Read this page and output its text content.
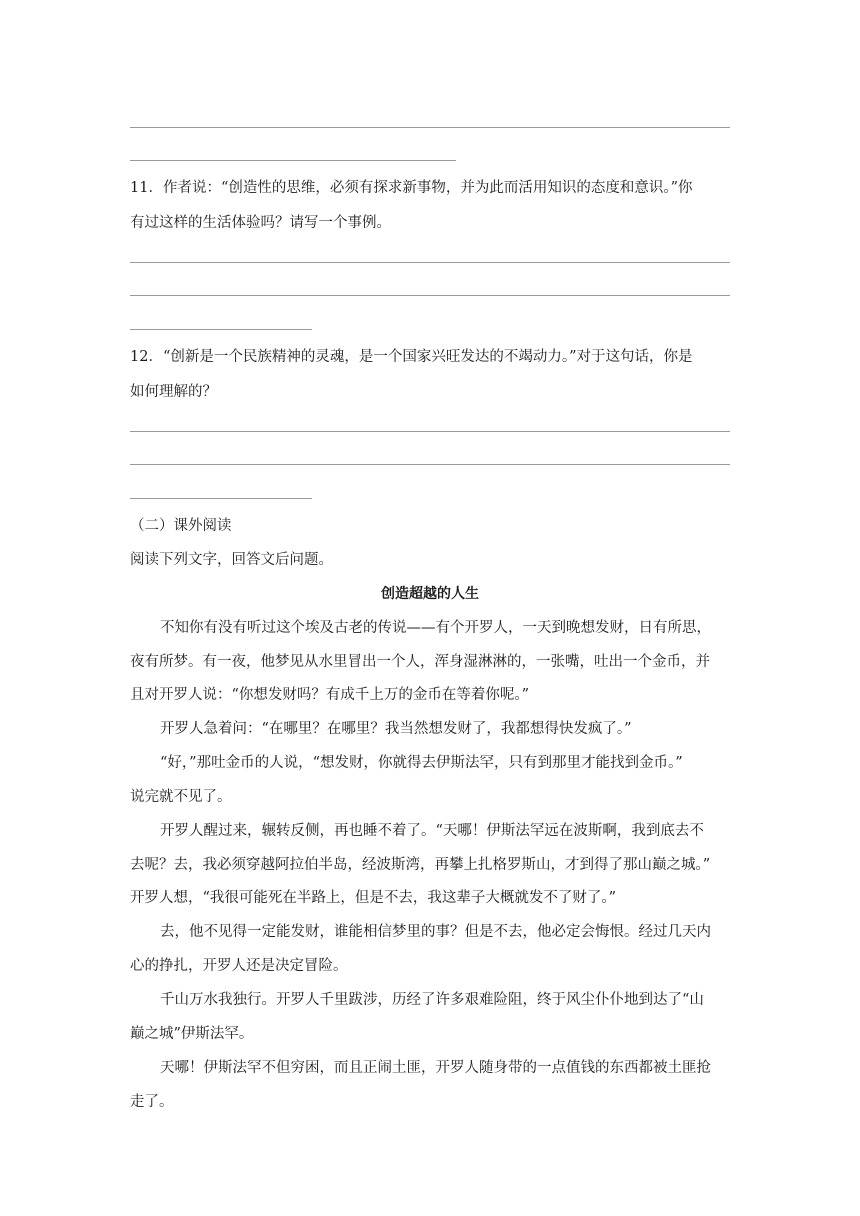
11．作者说：“创造性的思维，必须有探求新事物，并为此而活用知识的态度和意识。”你
有过这样的生活体验吗？请写一个事例。
12．“创新是一个民族精神的灵魂，是一个国家兴旺发达的不竭动力。”对于这句话，你是
如何理解的？
（二）课外阅读
阅读下列文字，回答文后问题。
创造超越的人生
不知你有没有听过这个埃及古老的传说——有个开罗人，一天到晚想发财，日有所思，
夜有所梦。有一夜，他梦见从水里冒出一个人，浑身湿淋淋的，一张嘴，吐出一个金币，并
且对开罗人说：“你想发财吗？有成千上万的金币在等着你呢。”
开罗人急着问：“在哪里？在哪里？我当然想发财了，我都想得快发疯了。”
“好，”那吐金币的人说，“想发财，你就得去伊斯法罕，只有到那里才能找到金币。”
说完就不见了。
开罗人醒过来，辗转反侧，再也睡不着了。“天哪！伊斯法罕远在波斯啊，我到底去不
去呢？去，我必须穿越阿拉伯半岛，经波斯湾，再攀上扎格罗斯山，才到得了那山巅之城。”
开罗人想，“我很可能死在半路上，但是不去，我这辈子大概就发不了财了。”
去，他不见得一定能发财，谁能相信梦里的事？但是不去，他必定会悔恨。经过几天内
心的挣扎，开罗人还是决定冒险。
千山万水我独行。开罗人千里跋涉，历经了许多艰难险阻，终于风尘仆仆地到达了“山
巅之城”伊斯法罕。
天哪！伊斯法罕不但穷困，而且正闹土匪，开罗人随身带的一点值钱的东西都被土匪抢
走了。
